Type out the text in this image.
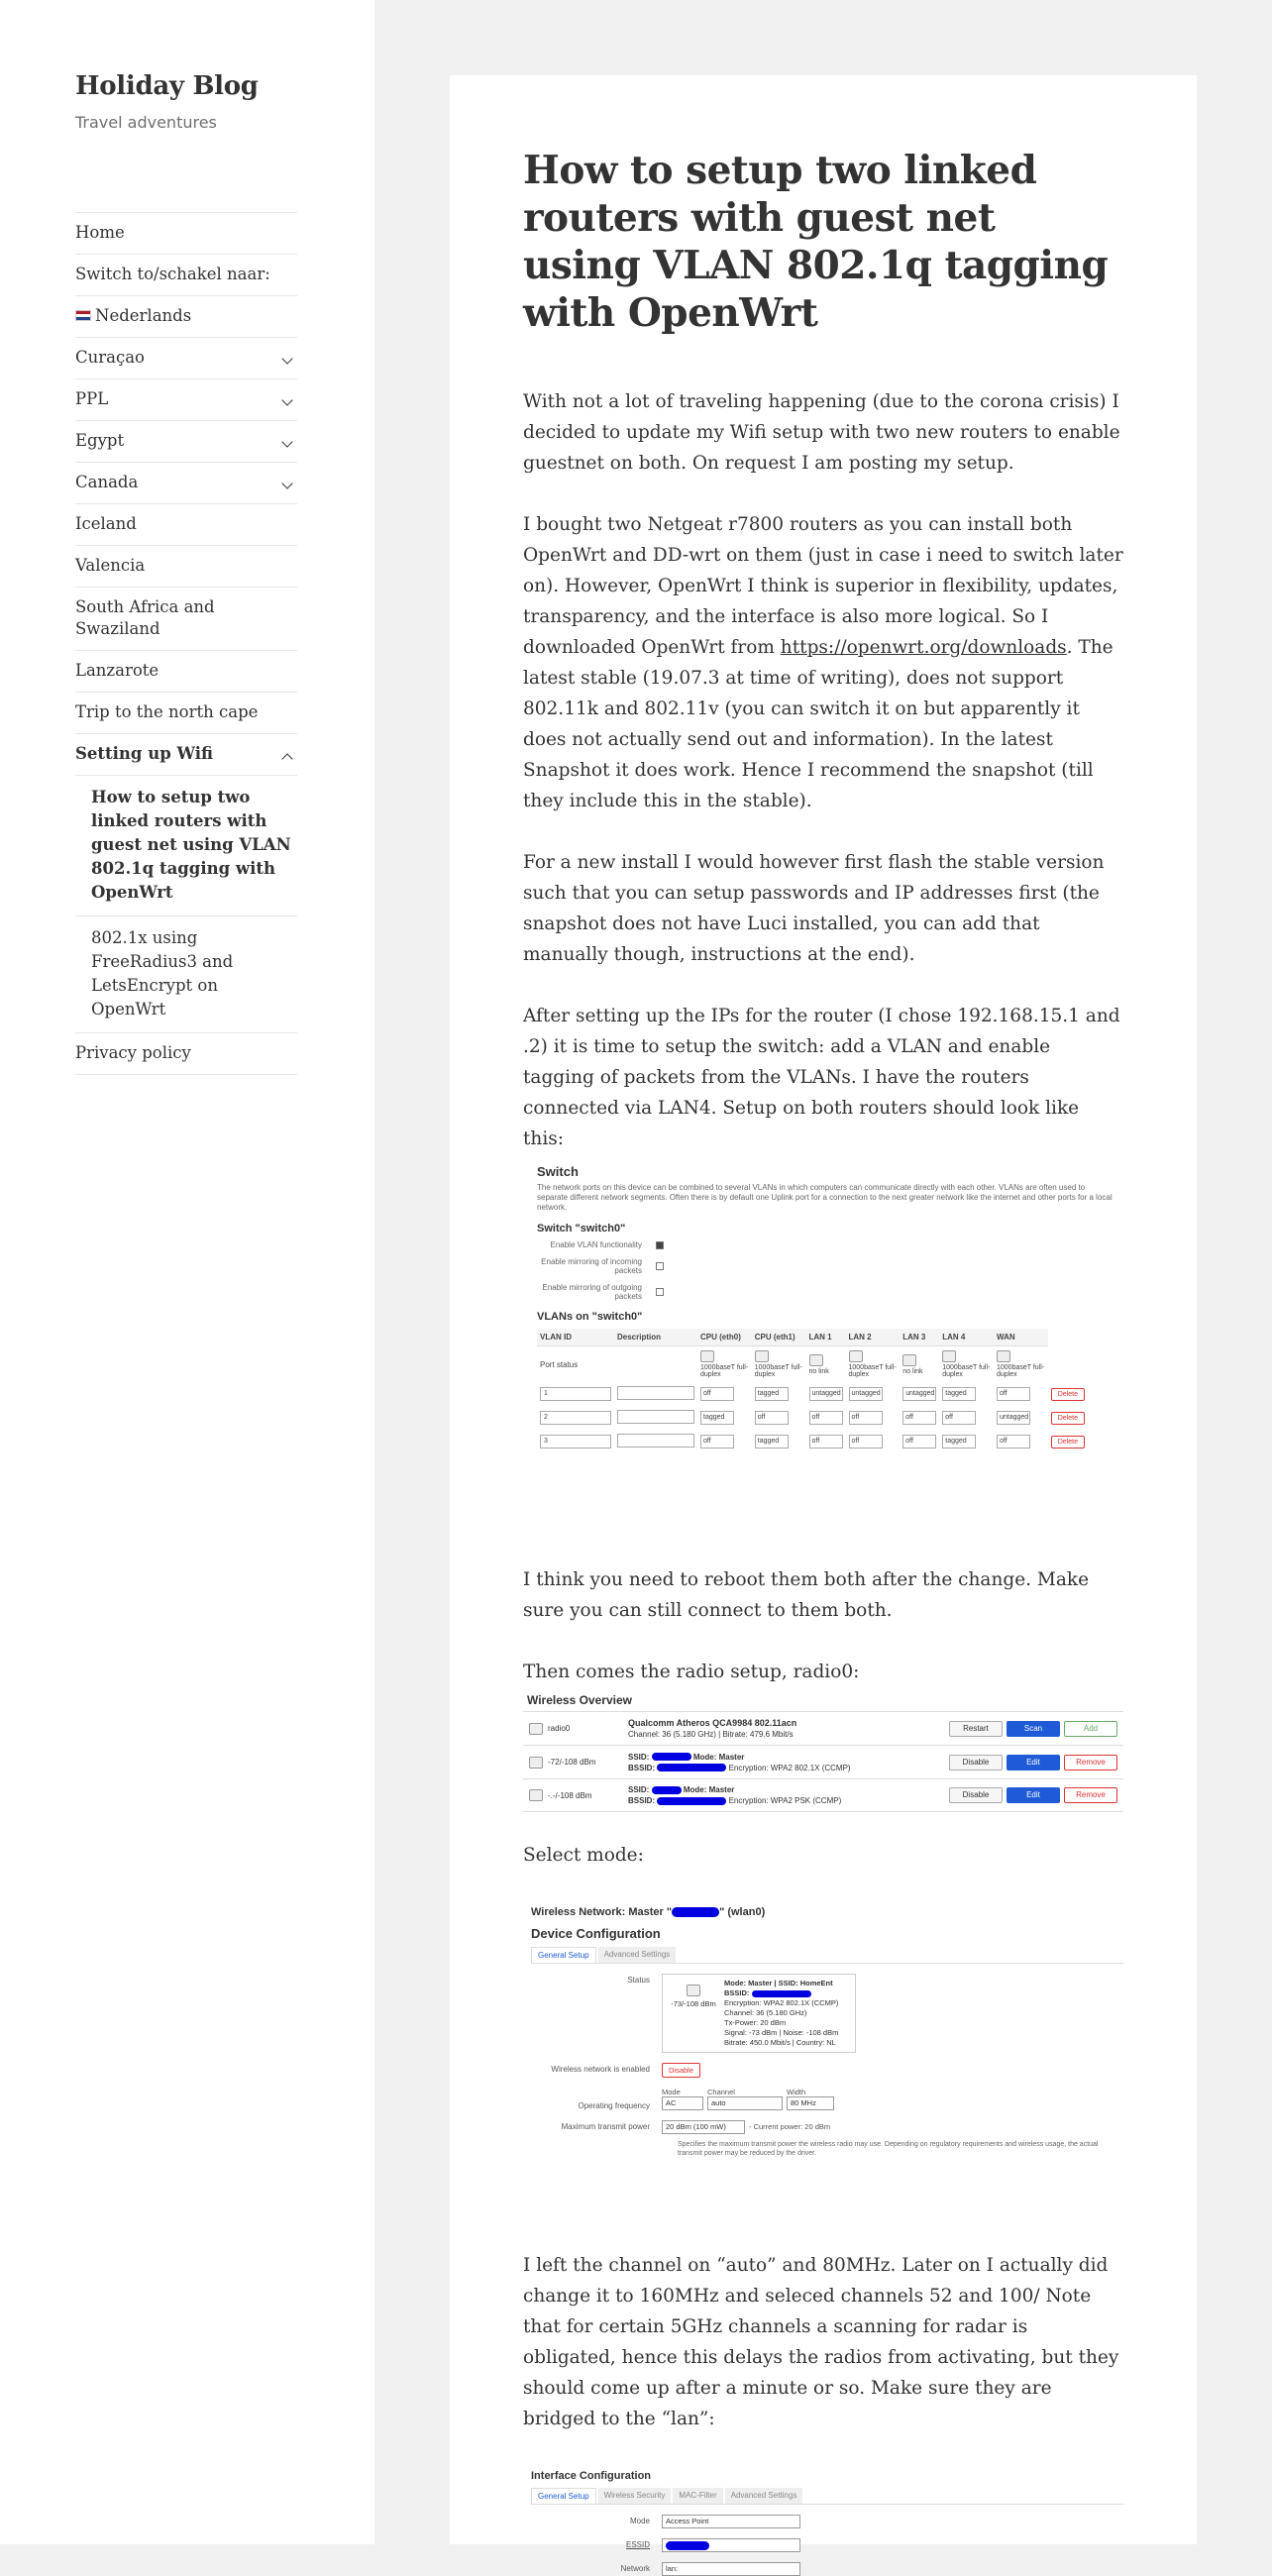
Holiday Blog
Travel adventures
Home
Switch to/schakel naar:
Nederlands
Curaçao
PPL
Egypt
Canada
Iceland
Valencia
South Africa and Swaziland
Lanzarote
Trip to the north cape
Setting up Wifi
How to setup two linked routers with guest net using VLAN 802.1q tagging with OpenWrt
802.1x using FreeRadius3 and LetsEncrypt on OpenWrt
Privacy policy
How to setup two linked routers with guest net using VLAN 802.1q tagging with OpenWrt

With not a lot of traveling happening (due to the corona crisis) I decided to update my Wifi setup with two new routers to enable guestnet on both. On request I am posting my setup.

I bought two Netgeat r7800 routers as you can install both OpenWrt and DD-wrt on them (just in case i need to switch later on). However, OpenWrt I think is superior in flexibility, updates, transparency, and the interface is also more logical. So I downloaded OpenWrt from https://openwrt.org/downloads. The latest stable (19.07.3 at time of writing), does not support 802.11k and 802.11v (you can switch it on but apparently it does not actually send out and information). In the latest Snapshot it does work. Hence I recommend the snapshot (till they include this in the stable).

For a new install I would however first flash the stable version such that you can setup passwords and IP addresses first (the snapshot does not have Luci installed, you can add that manually though, instructions at the end).

After setting up the IPs for the router (I chose 192.168.15.1 and .2) it is time to setup the switch: add a VLAN and enable tagging of packets from the VLANs. I have the routers connected via LAN4. Setup on both routers should look like this:

Switch
The network ports on this device can be combined to several VLANs in which computers can communicate directly with each other. VLANs are often used to separate different network segments. Often there is by default one Uplink port for a connection to the next greater network like the internet and other ports for a local network.
Switch "switch0"
Enable VLAN functionality
Enable mirroring of incoming packets
Enable mirroring of outgoing packets
VLANs on "switch0"
VLAN ID	Description	CPU (eth0)	CPU (eth1)	LAN 1	LAN 2	LAN 3	LAN 4	WAN	
Port status		1000baseT full-duplex	1000baseT full-duplex	no link	1000baseT full-duplex	no link	1000baseT full-duplex	1000baseT full-duplex	

1		off	tagged	untagged	untagged	untagged	tagged	off	Delete
2		tagged	off	off	off	off	off	untagged	Delete
3		off	tagged	off	off	off	tagged	off	Delete

I think you need to reboot them both after the change. Make sure you can still connect to them both.

Then comes the radio setup, radio0:

Wireless Overview
radio0
Qualcomm Atheros QCA9984 802.11acn
Channel: 36 (5.180 GHz) | Bitrate: 479.6 Mbit/s
Restart	Scan	Add
-72/-108 dBm
SSID:	Mode: Master
BSSID:	Encryption: WPA2 802.1X (CCMP)
Disable	Edit	Remove
-.-/-108 dBm
SSID:	Mode: Master
BSSID:	Encryption: WPA2 PSK (CCMP)
Disable	Edit	Remove

Select mode:

Wireless Network: Master "	" (wlan0)
Device Configuration
General Setup	Advanced Settings
Status

-73/-108 dBm
Mode: Master | SSID: HomeEnt
BSSID:
Encryption: WPA2 802.1X (CCMP)
Channel: 36 (5.180 GHz)
Tx-Power: 20 dBm
Signal: -73 dBm | Noise: -108 dBm
Bitrate: 450.0 Mbit/s | Country: NL
Wireless network is enabled	Disable
Operating frequency
Mode	Channel	Width
AC	auto	80 MHz
Maximum transmit power	20 dBm (100 mW)	- Current power: 20 dBm
Specifies the maximum transmit power the wireless radio may use. Depending on regulatory requirements and wireless usage, the actual transmit power may be reduced by the driver.

I left the channel on “auto” and 80MHz. Later on I actually did change it to 160MHz and seleced channels 52 and 100/ Note that for certain 5GHz channels a scanning for radar is obligated, hence this delays the radios from activating, but they should come up after a minute or so. Make sure they are bridged to the “lan”:

Interface Configuration
General Setup	Wireless Security	MAC-Filter	Advanced Settings
Mode	Access Point
ESSID
Network	lan:
